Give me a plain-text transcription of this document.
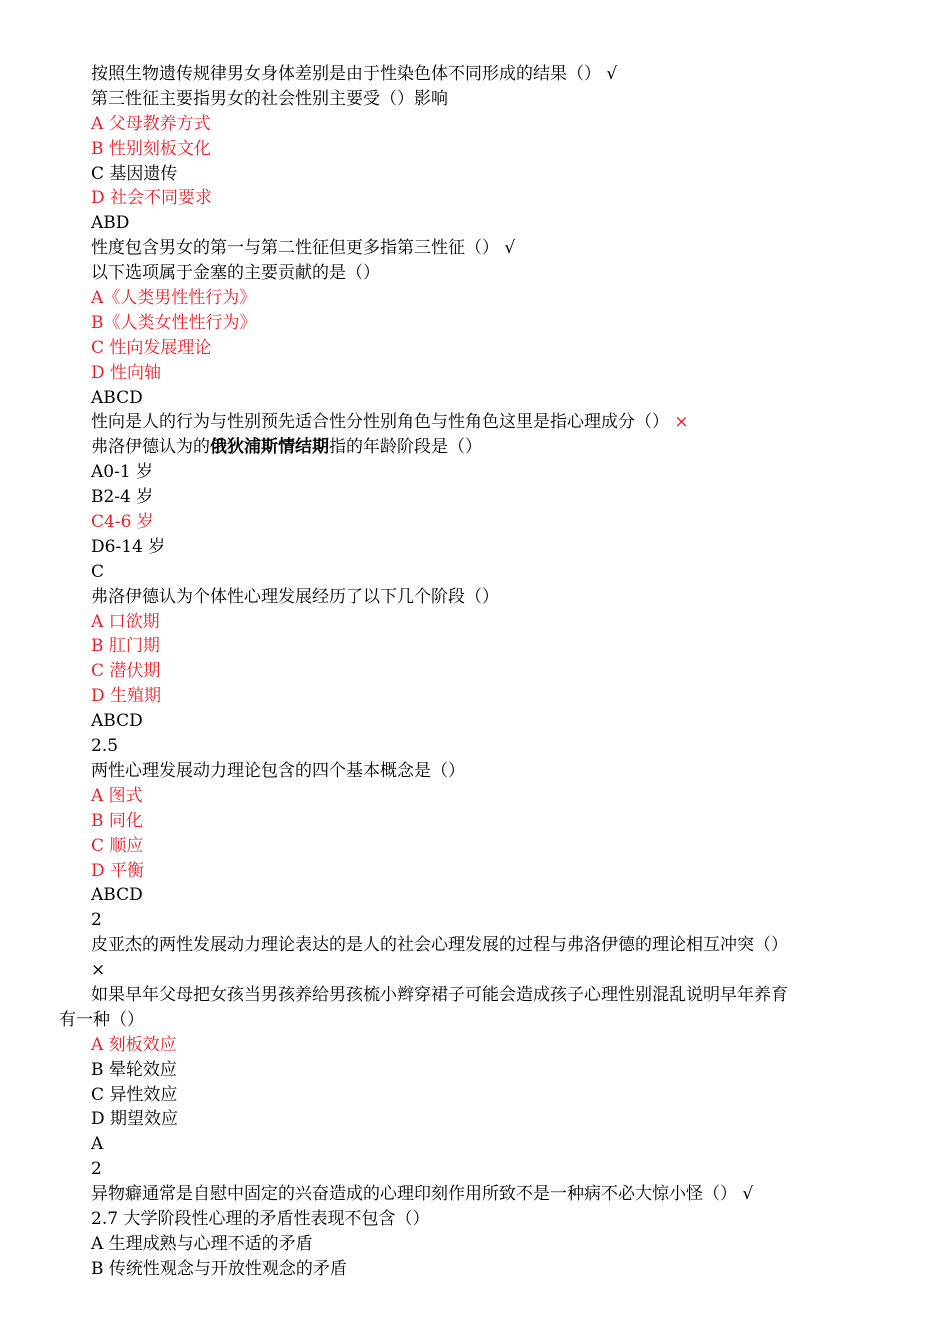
按照生物遗传规律男女身体差别是由于性染色体不同形成的结果（） √
第三性征主要指男女的社会性别主要受（）影响
A 父母教养方式
B 性别刻板文化
C 基因遗传
D 社会不同要求
ABD
性度包含男女的第一与第二性征但更多指第三性征（） √
以下选项属于金塞的主要贡献的是（）
A《人类男性性行为》
B《人类女性性行为》
C 性向发展理论
D 性向轴
ABCD
性向是人的行为与性别预先适合性分性别角色与性角色这里是指心理成分（） ×
弗洛伊德认为的俄狄浦斯情结期指的年龄阶段是（）
A0-1 岁
B2-4 岁
C4-6 岁
D6-14 岁
C
弗洛伊德认为个体性心理发展经历了以下几个阶段（）
A 口欲期
B 肛门期
C 潜伏期
D 生殖期
ABCD
2.5
两性心理发展动力理论包含的四个基本概念是（）
A 图式
B 同化
C 顺应
D 平衡
ABCD
2
皮亚杰的两性发展动力理论表达的是人的社会心理发展的过程与弗洛伊德的理论相互冲突（）
×
如果早年父母把女孩当男孩养给男孩梳小辫穿裙子可能会造成孩子心理性别混乱说明早年养育
有一种（）
A 刻板效应
B 晕轮效应
C 异性效应
D 期望效应
A
2
异物癖通常是自慰中固定的兴奋造成的心理印刻作用所致不是一种病不必大惊小怪（） √
2.7 大学阶段性心理的矛盾性表现不包含（）
A 生理成熟与心理不适的矛盾
B 传统性观念与开放性观念的矛盾
